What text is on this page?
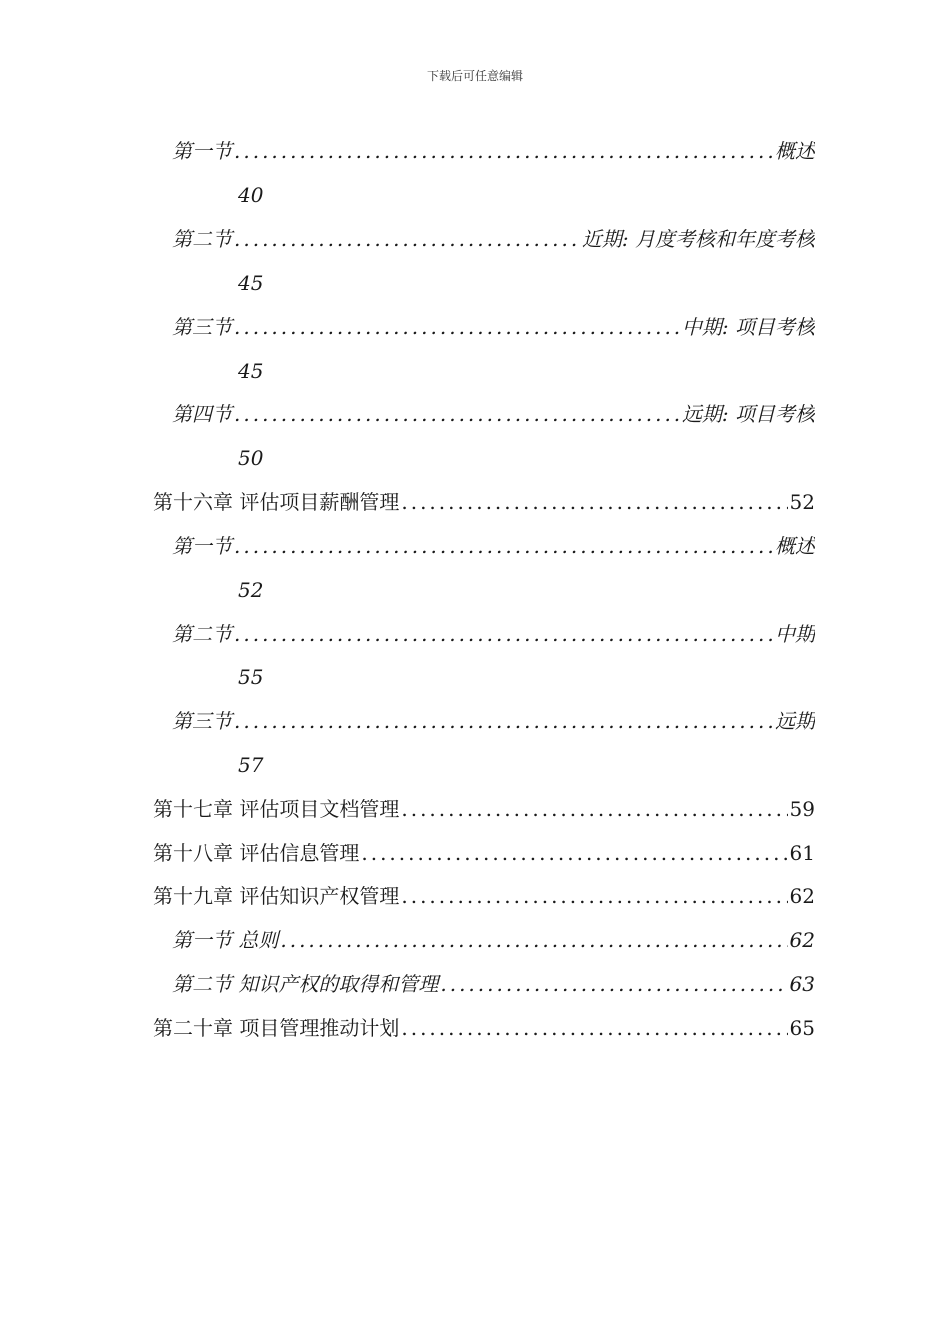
下载后可任意编辑
第一节 .....	概述
40
第二节 .....	近期: 月度考核和年度考核
45
第三节 .....	中期: 项目考核
45
第四节 .....	远期: 项目考核
50
第十六章 评估项目薪酬管理 .....	52
第一节 .....	概述
52
第二节 .....	中期
55
第三节 .....	远期
57
第十七章 评估项目文档管理 .....	59
第十八章 评估信息管理 .....	61
第十九章 评估知识产权管理 .....	62
第一节 总则 .....	62
第二节 知识产权的取得和管理 .....	63
第二十章 项目管理推动计划 .....	65
